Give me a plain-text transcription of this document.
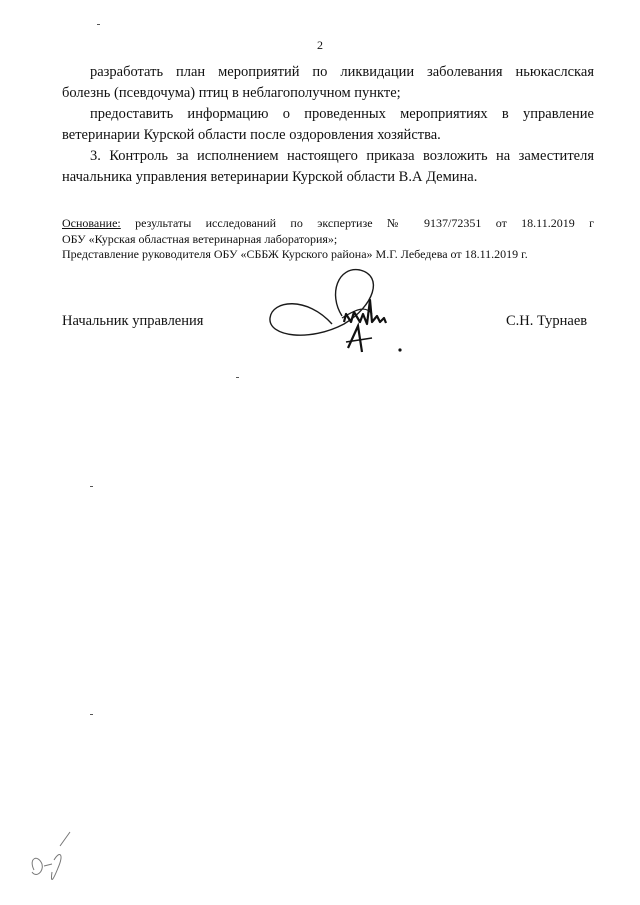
2
разработать план мероприятий по ликвидации заболевания ньюкаслская
болезнь (псевдочума) птиц в неблагополучном пункте;
предоставить информацию о проведенных мероприятиях в управление
ветеринарии Курской области после оздоровления хозяйства.
3. Контроль за исполнением настоящего приказа возложить на заместителя
начальника управления ветеринарии Курской области В.А Демина.
Основание: результаты исследований по экспертизе № 9137/72351 от 18.11.2019 г
ОБУ «Курская областная ветеринарная лаборатория»;
Представление руководителя ОБУ «СББЖ Курского района» М.Г. Лебедева от 18.11.2019 г.
Начальник управления	С.Н. Турнаев
